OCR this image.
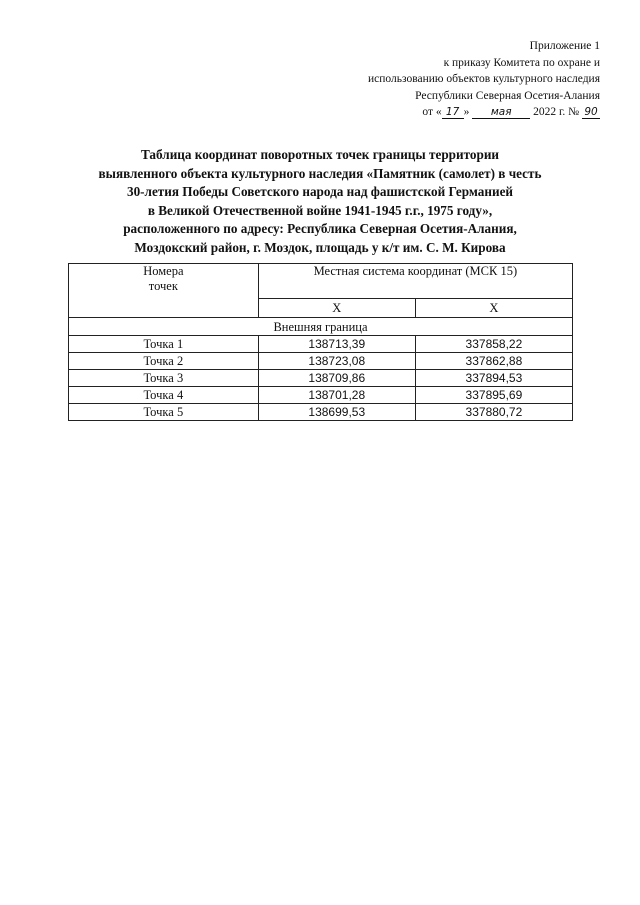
Приложение 1
к приказу Комитета по охране и
использованию объектов культурного наследия
Республики Северная Осетия-Алания
от « 17 » мая 2022 г. № 90
Таблица координат поворотных точек границы территории
выявленного объекта культурного наследия «Памятник (самолет) в честь
30-летия Победы Советского народа над фашистской Германией
в Великой Отечественной войне 1941-1945 г.г., 1975 году»,
расположенного по адресу: Республика Северная Осетия-Алания,
Моздокский район, г. Моздок, площадь у к/т им. С. М. Кирова
Номера
точек	Местная система координат (МСК 15)	
	X	X
Внешняя граница		
Точка 1	138713,39	337858,22
Точка 2	138723,08	337862,88
Точка 3	138709,86	337894,53
Точка 4	138701,28	337895,69
Точка 5	138699,53	337880,72
